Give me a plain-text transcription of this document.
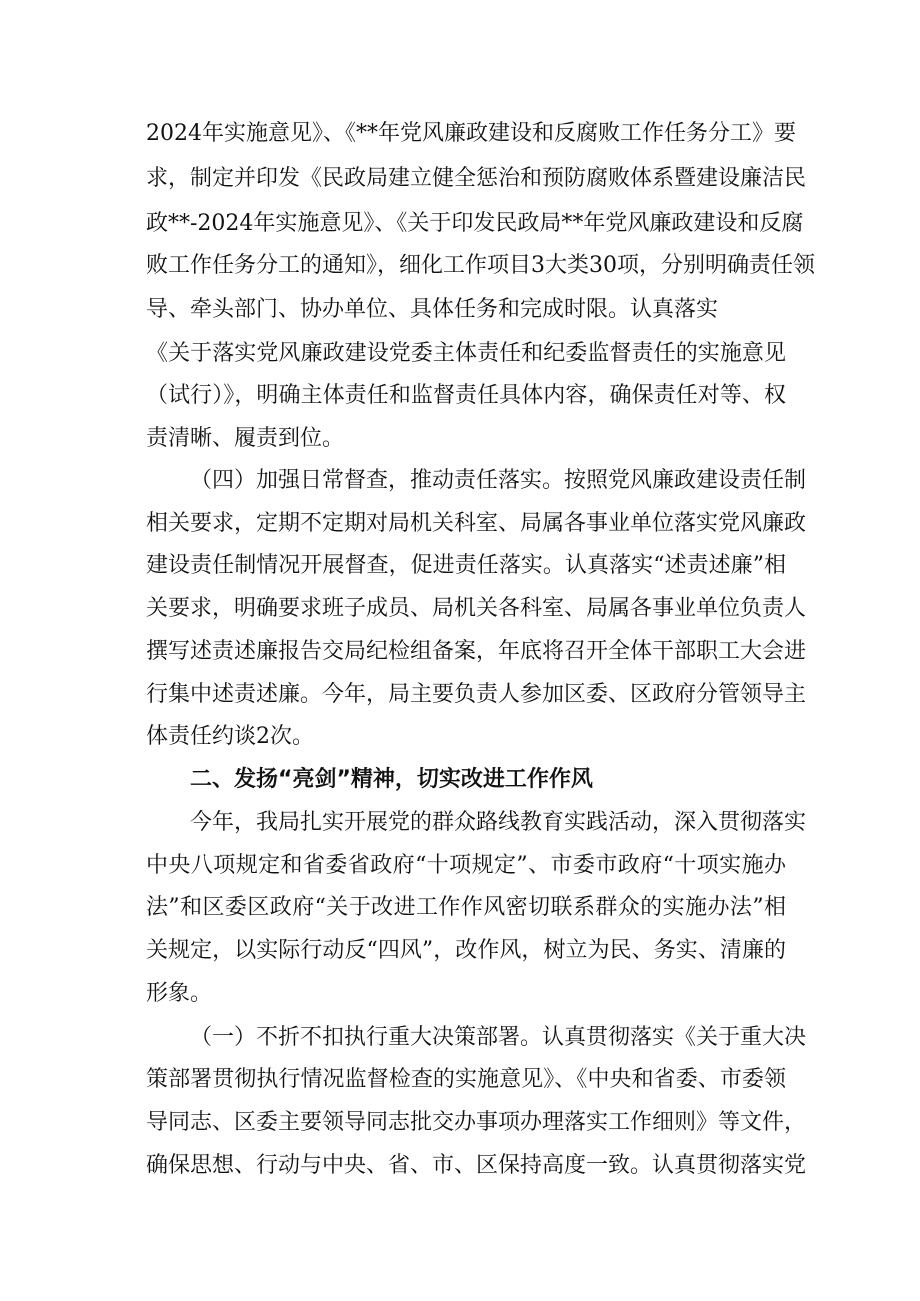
2024年实施意见》、《**年党风廉政建设和反腐败工作任务分工》要
求，制定并印发《民政局建立健全惩治和预防腐败体系暨建设廉洁民
政**-2024年实施意见》、《关于印发民政局**年党风廉政建设和反腐
败工作任务分工的通知》，细化工作项目3大类30项，分别明确责任领
导、牵头部门、协办单位、具体任务和完成时限。认真落实
《关于落实党风廉政建设党委主体责任和纪委监督责任的实施意见
（试行）》，明确主体责任和监督责任具体内容，确保责任对等、权
责清晰、履责到位。
（四）加强日常督查，推动责任落实。按照党风廉政建设责任制
相关要求，定期不定期对局机关科室、局属各事业单位落实党风廉政
建设责任制情况开展督查，促进责任落实。认真落实“述责述廉”相
关要求，明确要求班子成员、局机关各科室、局属各事业单位负责人
撰写述责述廉报告交局纪检组备案，年底将召开全体干部职工大会进
行集中述责述廉。今年，局主要负责人参加区委、区政府分管领导主
体责任约谈2次。
二、发扬“亮剑”精神，切实改进工作作风
今年，我局扎实开展党的群众路线教育实践活动，深入贯彻落实
中央八项规定和省委省政府“十项规定”、市委市政府“十项实施办
法”和区委区政府“关于改进工作作风密切联系群众的实施办法”相
关规定，以实际行动反“四风”，改作风，树立为民、务实、清廉的
形象。
（一）不折不扣执行重大决策部署。认真贯彻落实《关于重大决
策部署贯彻执行情况监督检查的实施意见》、《中央和省委、市委领
导同志、区委主要领导同志批交办事项办理落实工作细则》等文件，
确保思想、行动与中央、省、市、区保持高度一致。认真贯彻落实党
